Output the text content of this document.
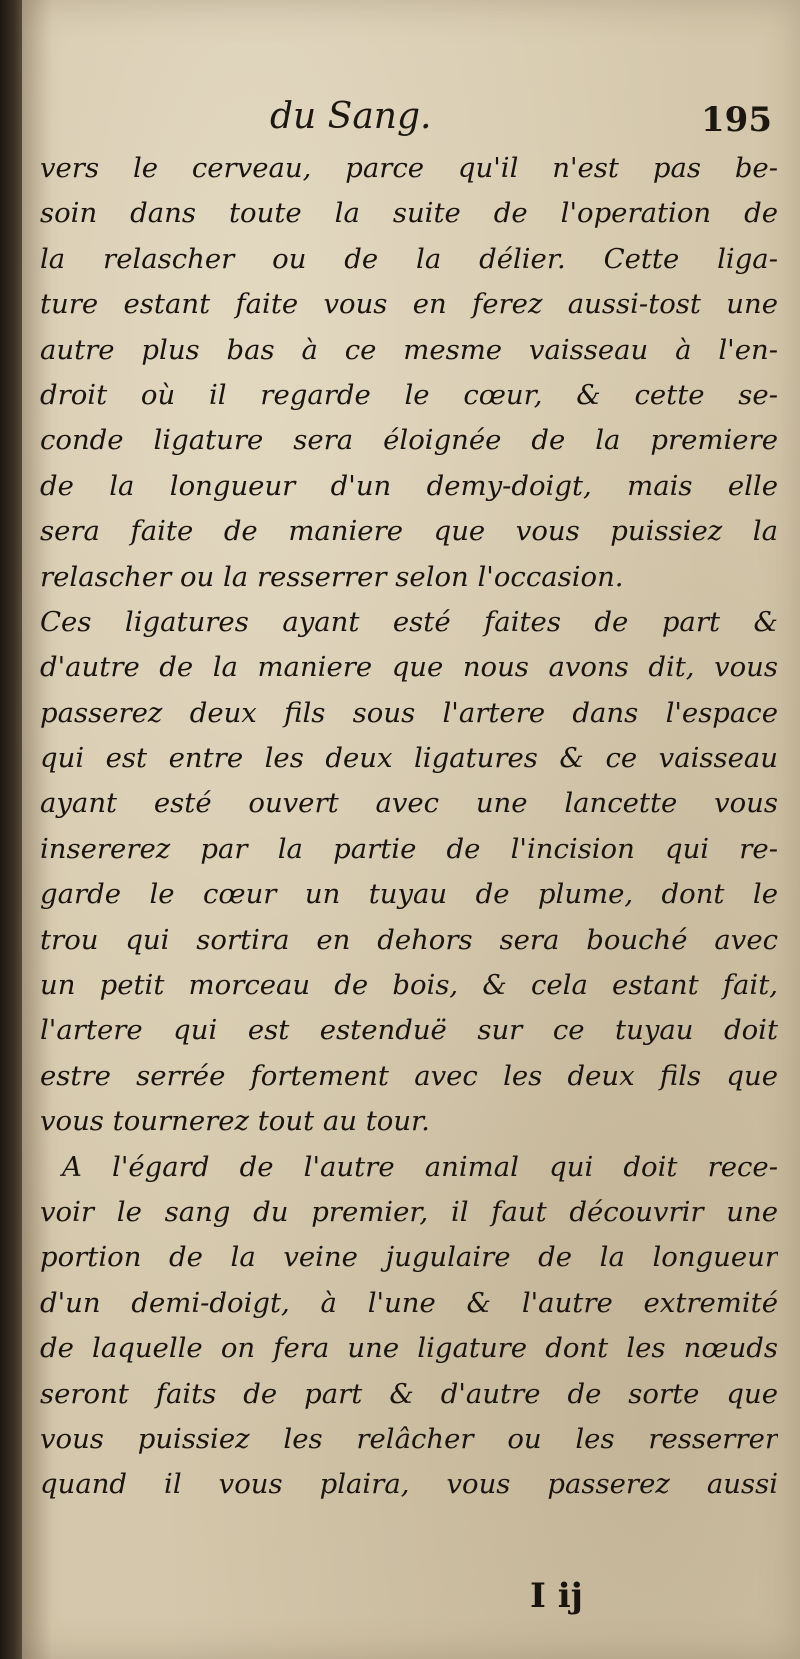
du Sang.	195
vers le cerveau, parce qu'il n'est pas be-
soin dans toute la suite de l'operation de
la relascher ou de la délier. Cette liga-
ture estant faite vous en ferez aussi-tost une
autre plus bas à ce mesme vaisseau à l'en-
droit où il regarde le cœur, & cette se-
conde ligature sera éloignée de la premiere
de la longueur d'un demy-doigt, mais elle
sera faite de maniere que vous puissiez la
relascher ou la resserrer selon l'occasion.
Ces ligatures ayant esté faites de part &
d'autre de la maniere que nous avons dit, vous
passerez deux fils sous l'artere dans l'espace
qui est entre les deux ligatures & ce vaisseau
ayant esté ouvert avec une lancette vous
insererez par la partie de l'incision qui re-
garde le cœur un tuyau de plume, dont le
trou qui sortira en dehors sera bouché avec
un petit morceau de bois, & cela estant fait,
l'artere qui est estenduë sur ce tuyau doit
estre serrée fortement avec les deux fils que
vous tournerez tout au tour.
A l'égard de l'autre animal qui doit rece-
voir le sang du premier, il faut découvrir une
portion de la veine jugulaire de la longueur
d'un demi-doigt, à l'une & l'autre extremité
de laquelle on fera une ligature dont les nœuds
seront faits de part & d'autre de sorte que
vous puissiez les relâcher ou les resserrer
quand il vous plaira, vous passerez aussi
I ij
